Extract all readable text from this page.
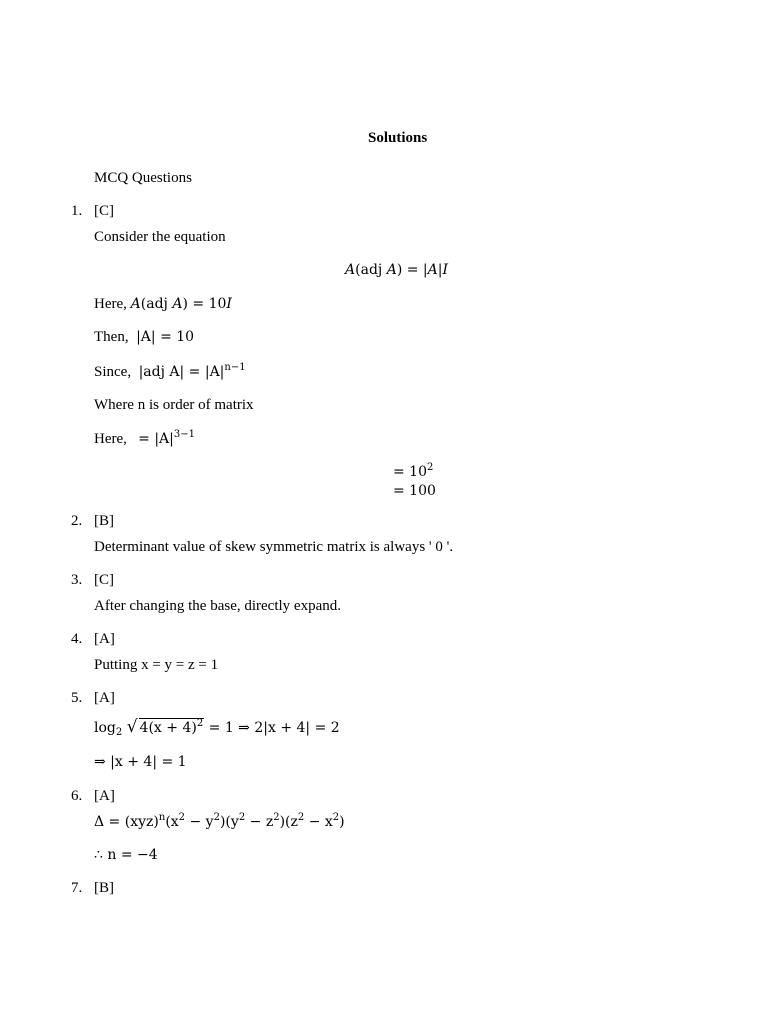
Solutions
MCQ Questions
1. [C]
Consider the equation
A(adj A) = |A|I
Here, A(adj A) = 10I
Then, |A| = 10
Since, |adj $A| = |A|^{n-1}$
Where n is order of matrix
Here, = $|A|^{3-1}$
= $10^2$
= 100
2. [B]
Determinant value of skew symmetric matrix is always ' 0 '.
3. [C]
After changing the base, directly expand.
4. [A]
Putting x = y = z = 1
5. [A]
$\log_2$ √ $4(x + 4)^2 = 1$ ⇒ 2|x + 4| = 2
⇒ |x + 4| = 1
6. [A]
$\Delta = (xyz)^n(x^2 - y^2)(y^2 - z^2)(z^2 - x^2)$
∴ n = −4
7. [B]
